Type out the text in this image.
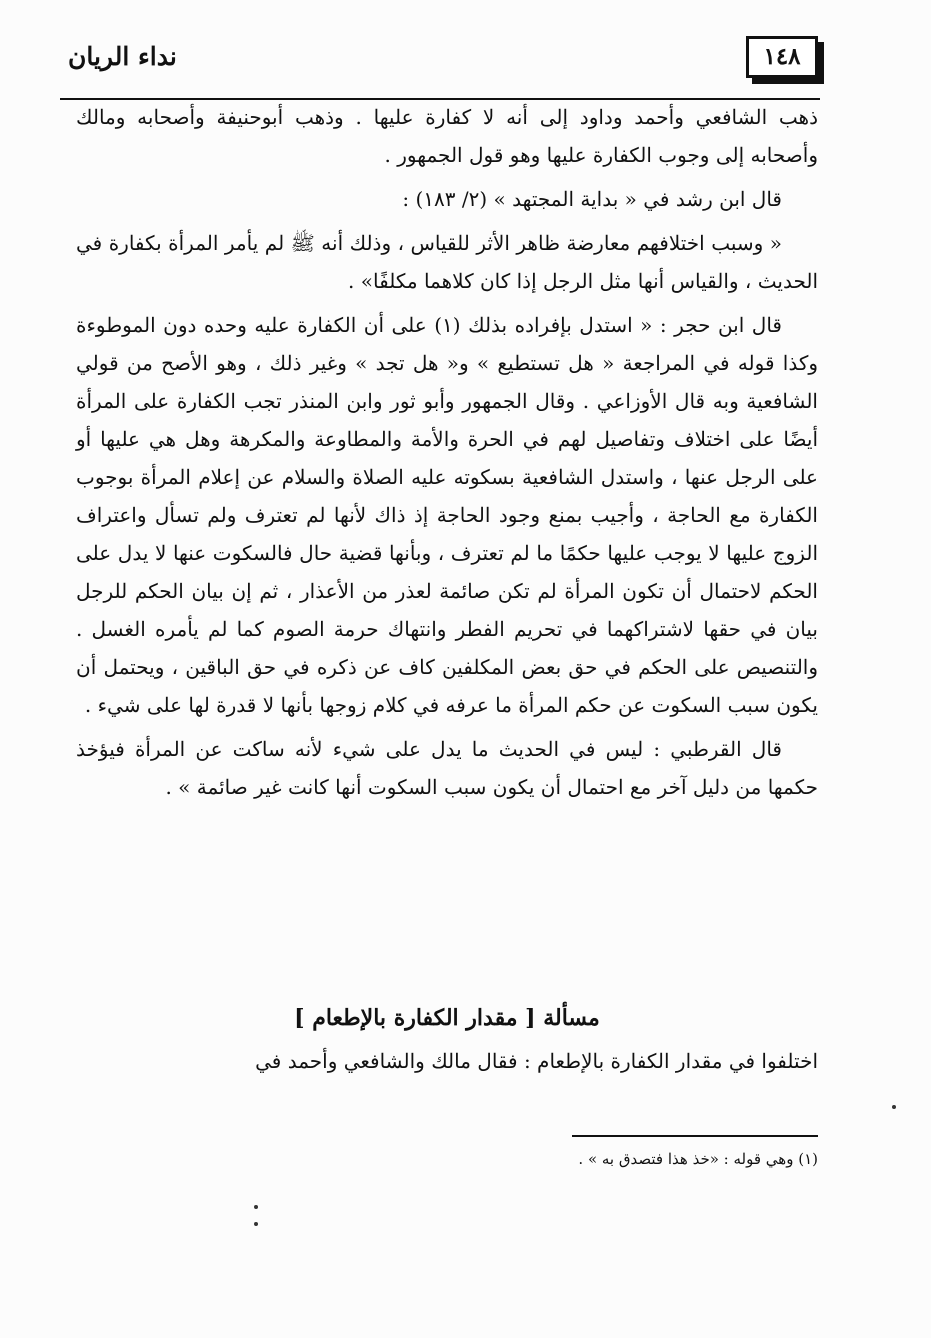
نداء الريان	١٤٨

ذهب الشافعي وأحمد وداود إلى أنه لا كفارة عليها . وذهب أبوحنيفة وأصحابه ومالك وأصحابه إلى وجوب الكفارة عليها وهو قول الجمهور .

قال ابن رشد في « بداية المجتهد » (٢/ ١٨٣) :

« وسبب اختلافهم معارضة ظاهر الأثر للقياس ، وذلك أنه ﷺ لم يأمر المرأة بكفارة في الحديث ، والقياس أنها مثل الرجل إذا كان كلاهما مكلفًا» .

قال ابن حجر : « استدل بإفراده بذلك (١) على أن الكفارة عليه وحده دون الموطوءة وكذا قوله في المراجعة « هل تستطيع » و« هل تجد » وغير ذلك ، وهو الأصح من قولي الشافعية وبه قال الأوزاعي . وقال الجمهور وأبو ثور وابن المنذر تجب الكفارة على المرأة أيضًا على اختلاف وتفاصيل لهم في الحرة والأمة والمطاوعة والمكرهة وهل هي عليها أو على الرجل عنها ، واستدل الشافعية بسكوته عليه الصلاة والسلام عن إعلام المرأة بوجوب الكفارة مع الحاجة ، وأجيب بمنع وجود الحاجة إذ ذاك لأنها لم تعترف ولم تسأل واعتراف الزوج عليها لا يوجب عليها حكمًا ما لم تعترف ، وبأنها قضية حال فالسكوت عنها لا يدل على الحكم لاحتمال أن تكون المرأة لم تكن صائمة لعذر من الأعذار ، ثم إن بيان الحكم للرجل بيان في حقها لاشتراكهما في تحريم الفطر وانتهاك حرمة الصوم كما لم يأمره الغسل . والتنصيص على الحكم في حق بعض المكلفين كاف عن ذكره في حق الباقين ، ويحتمل أن يكون سبب السكوت عن حكم المرأة ما عرفه في كلام زوجها بأنها لا قدرة لها على شيء .

قال القرطبي : ليس في الحديث ما يدل على شيء لأنه ساكت عن المرأة فيؤخذ حكمها من دليل آخر مع احتمال أن يكون سبب السكوت أنها كانت غير صائمة » .

مسألة [ مقدار الكفارة بالإطعام ]
اختلفوا في مقدار الكفارة بالإطعام : فقال مالك والشافعي وأحمد في
(١) وهي قوله : «خذ هذا فتصدق به » .
